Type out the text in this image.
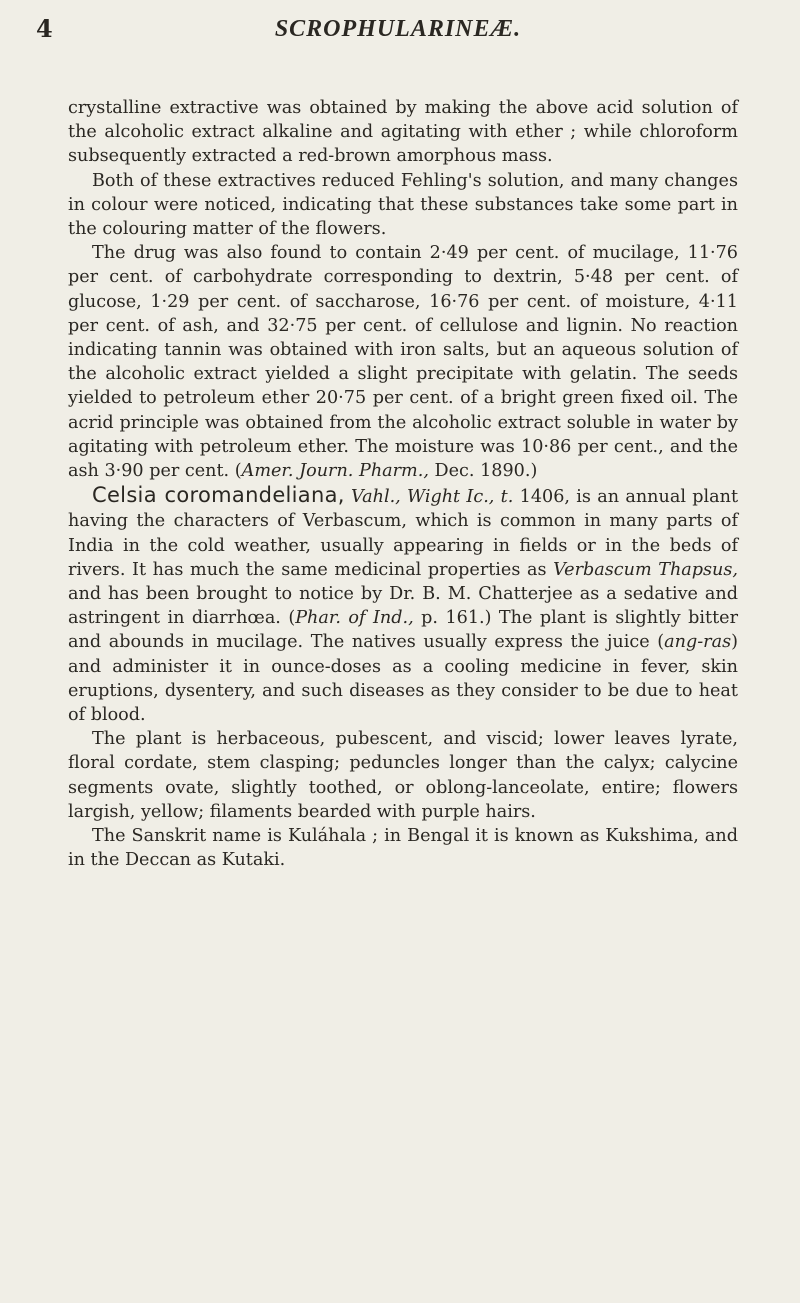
4	SCROPHULARINEÆ.

crystalline extractive was obtained by making the above acid solution of the alcoholic extract alkaline and agitating with ether ; while chloroform subsequently extracted a red-brown amorphous mass.

Both of these extractives reduced Fehling's solution, and many changes in colour were noticed, indicating that these substances take some part in the colouring matter of the flowers.

The drug was also found to contain 2·49 per cent. of mucilage, 11·76 per cent. of carbohydrate corresponding to dextrin, 5·48 per cent. of glucose, 1·29 per cent. of saccharose, 16·76 per cent. of moisture, 4·11 per cent. of ash, and 32·75 per cent. of cellulose and lignin. No reaction indicating tannin was obtained with iron salts, but an aqueous solution of the alcoholic extract yielded a slight precipitate with gelatin. The seeds yielded to petroleum ether 20·75 per cent. of a bright green fixed oil. The acrid principle was obtained from the alcoholic extract soluble in water by agitating with petroleum ether. The moisture was 10·86 per cent., and the ash 3·90 per cent. (Amer. Journ. Pharm., Dec. 1890.)

Celsia coromandeliana, Vahl., Wight Ic., t. 1406, is an annual plant having the characters of Verbascum, which is common in many parts of India in the cold weather, usually appearing in fields or in the beds of rivers. It has much the same medicinal properties as Verbascum Thapsus, and has been brought to notice by Dr. B. M. Chatterjee as a sedative and astringent in diarrhœa. (Phar. of Ind., p. 161.) The plant is slightly bitter and abounds in mucilage. The natives usually express the juice (ang-ras) and administer it in ounce-doses as a cooling medicine in fever, skin eruptions, dysentery, and such diseases as they consider to be due to heat of blood.

The plant is herbaceous, pubescent, and viscid; lower leaves lyrate, floral cordate, stem clasping; peduncles longer than the calyx; calycine segments ovate, slightly toothed, or oblong-lanceolate, entire; flowers largish, yellow; filaments bearded with purple hairs.

The Sanskrit name is Kuláhala ; in Bengal it is known as Kukshima, and in the Deccan as Kutaki.
